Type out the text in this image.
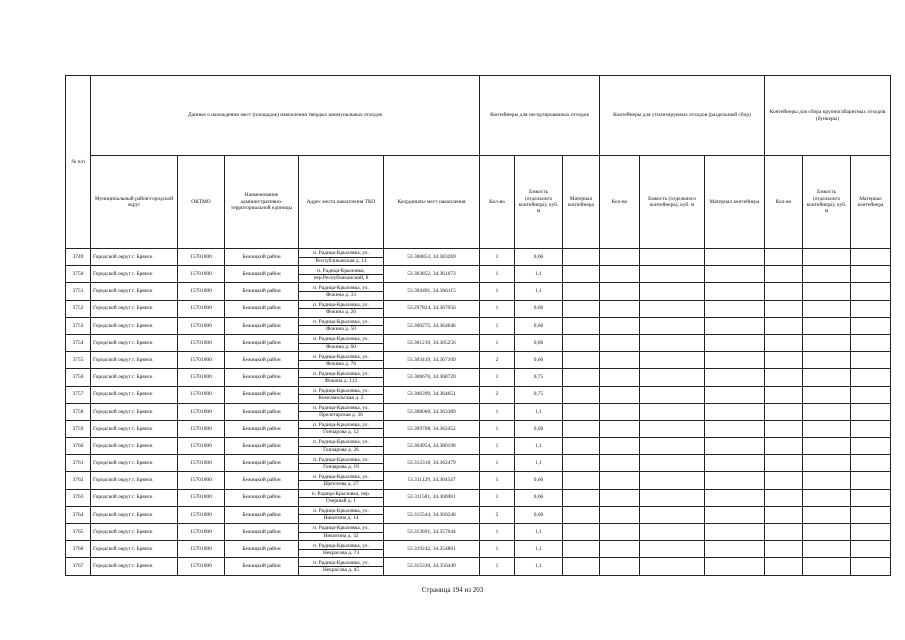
№ п/п	Данные о нахождении мест (площадок) накопления твердых коммунальных отходов					Контейнеры для несортированных отходов			Контейнеры для утилизируемых отходов (раздельный сбор)			Контейнеры для сбора крупногабаритных отходов (бункеры)		
	Муниципальный район\городской округ	ОКТМО	Наименование административно-территориальной единицы	Адрес места накопления ТКО	Координаты мест накопления	Кол-во	Емкость (отдельного контейнера), куб. м	Материал контейнера	Кол-во	Емкость (отдельного контейнера), куб. м	Материал контейнера	Кол-во	Емкость (отдельного контейнера), куб. м	Материал контейнера
3749	Городской округ г. Брянск	15701000	Бежицкий район	п. Радица-Крыловка, ул.
Республиканская д. 14	53.308853, 34.383269	1	0,66							
3750	Городской округ г. Брянск	15701000	Бежицкий район	п. Радица-Крыловка,
пер.Республиканский, 8	53.303852, 34.361673	1	1,1							
3751	Городской округ г. Брянск	15701000	Бежицкий район	п. Радица-Крыловка, ул.
Фокина д. 33	53.304491, 34.366115	1	1,1							
3752	Городской округ г. Брянск	15701000	Бежицкий район	п. Радица-Крыловка, ул.
Фокина д. 26	53.297824, 34.367056	1	0,66							
3753	Городской округ г. Брянск	15701000	Бежицкий район	п. Радица-Крыловка, ул.
Фокина д. 50	53.300275, 34.364646	1	0,66							
3754	Городской округ г. Брянск	15701000	Бежицкий район	п. Радица-Крыловка, ул.
Фокина д. 60	53.301210, 34.365256	1	0,66							
3755	Городской округ г. Брянск	15701000	Бежицкий район	п. Радица-Крыловка, ул.
Фокина д. 78	53.303419, 34.367109	2	0,66							
3756	Городской округ г. Брянск	15701000	Бежицкий район	п. Радица-Крыловка, ул.
Фокина д. 112	53.306670, 34.368720	1	0,75							
3757	Городской округ г. Брянск	15701000	Бежицкий район	п. Радица-Крыловка, ул.
Комсомольская д. 2	53.306399, 34.364651	2	0,75							
3758	Городской округ г. Брянск	15701000	Бежицкий район	п. Радица-Крыловка, ул.
Пролетарская д. 36	53.308060, 34.363389	1	1,1							
3759	Городской округ г. Брянск	15701000	Бежицкий район	п. Радица-Крыловка, ул.
Гончарова д. 12	53.309708, 34.362452	1	0,66							
3760	Городской округ г. Брянск	15701000	Бежицкий район	п. Радица-Крыловка, ул.
Гончарова д. 26	53.304954, 34.380198	1	1,1							
3761	Городской округ г. Брянск	15701000	Бежицкий район	п. Радица-Крыловка, ул.
Гончарова д. 19	53.312318, 34.362479	1	1,1							
3762	Городской округ г. Брянск	15701000	Бежицкий район	п. Радица-Крыловка, ул.
Щепотева д. 27	53.311129, 34.364547	1	0,66							
3763	Городской округ г. Брянск	15701000	Бежицкий район	п. Радица-Крыловка, пер.
Озерный д. 1	53.311581, 34.366981	1	0,66							
3764	Городской округ г. Брянск	15701000	Бежицкий район	п. Радица-Крыловка, ул.
Никитина д. 14	53.315544, 34.360246	2	0,66							
3765	Городской округ г. Брянск	15701000	Бежицкий район	п. Радица-Крыловка, ул.
Никитина д. 32	53.313691, 34.357044	1	1,1							
3766	Городской округ г. Брянск	15701000	Бежицкий район	п. Радица-Крыловка, ул.
Некрасова д. 74	53.319242, 34.354861	1	1,1							
3767	Городской округ г. Брянск	15701000	Бежицкий район	п. Радица-Крыловка, ул.
Некрасова д. 45	53.315330, 34.356449	1	1,1							
Страница 194 из 203
